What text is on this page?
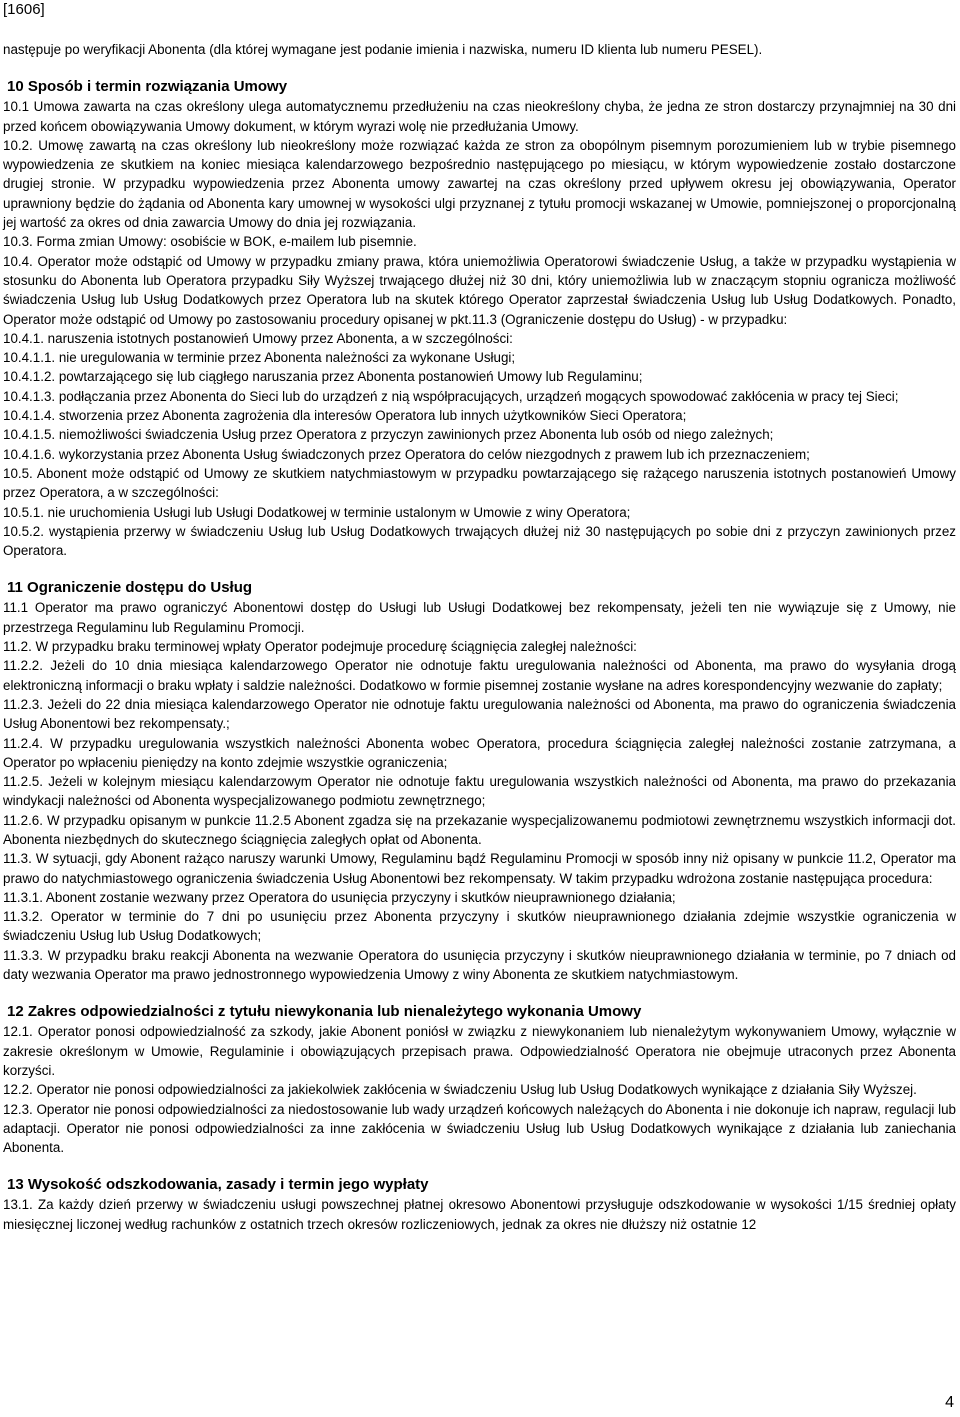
[1606]

następuje po weryfikacji Abonenta (dla której wymagane jest podanie imienia i nazwiska, numeru ID klienta lub numeru PESEL).

10 Sposób i termin rozwiązania Umowy

10.1 Umowa zawarta na czas określony ulega automatycznemu przedłużeniu na czas nieokreślony chyba, że jedna ze stron dostarczy przynajmniej na 30 dni przed końcem obowiązywania Umowy dokument, w którym wyrazi wolę nie przedłużania Umowy.

10.2. Umowę zawartą na czas określony lub nieokreślony może rozwiązać każda ze stron za obopólnym pisemnym porozumieniem lub w trybie pisemnego wypowiedzenia ze skutkiem na koniec miesiąca kalendarzowego bezpośrednio następującego po miesiącu, w którym wypowiedzenie zostało dostarczone drugiej stronie. W przypadku wypowiedzenia przez Abonenta umowy zawartej na czas określony przed upływem okresu jej obowiązywania, Operator uprawniony będzie do żądania od Abonenta kary umownej w wysokości ulgi przyznanej z tytułu promocji wskazanej w Umowie, pomniejszonej o proporcjonalną jej wartość za okres od dnia zawarcia Umowy do dnia jej rozwiązania.

10.3. Forma zmian Umowy: osobiście w BOK, e-mailem lub pisemnie.

10.4. Operator może odstąpić od Umowy w przypadku zmiany prawa, która uniemożliwia Operatorowi świadczenie Usług, a także w przypadku wystąpienia w stosunku do Abonenta lub Operatora przypadku Siły Wyższej trwającego dłużej niż 30 dni, który uniemożliwia lub w znaczącym stopniu ogranicza możliwość świadczenia Usług lub Usług Dodatkowych przez Operatora lub na skutek którego Operator zaprzestał świadczenia Usług lub Usług Dodatkowych. Ponadto, Operator może odstąpić od Umowy po zastosowaniu procedury opisanej w pkt.11.3 (Ograniczenie dostępu do Usług) - w przypadku:

10.4.1. naruszenia istotnych postanowień Umowy przez Abonenta, a w szczególności:

10.4.1.1. nie uregulowania w terminie przez Abonenta należności za wykonane Usługi;

10.4.1.2. powtarzającego się lub ciągłego naruszania przez Abonenta postanowień Umowy lub Regulaminu;

10.4.1.3. podłączania przez Abonenta do Sieci lub do urządzeń z nią współpracujących, urządzeń mogących spowodować zakłócenia w pracy tej Sieci;

10.4.1.4. stworzenia przez Abonenta zagrożenia dla interesów Operatora lub innych użytkowników Sieci Operatora;

10.4.1.5. niemożliwości świadczenia Usług przez Operatora z przyczyn zawinionych przez Abonenta lub osób od niego zależnych;

10.4.1.6. wykorzystania przez Abonenta Usług świadczonych przez Operatora do celów niezgodnych z prawem lub ich przeznaczeniem;

10.5. Abonent może odstąpić od Umowy ze skutkiem natychmiastowym w przypadku powtarzającego się rażącego naruszenia istotnych postanowień Umowy przez Operatora, a w szczególności:

10.5.1. nie uruchomienia Usługi lub Usługi Dodatkowej w terminie ustalonym w Umowie z winy Operatora;

10.5.2. wystąpienia przerwy w świadczeniu Usług lub Usług Dodatkowych trwających dłużej niż 30 następujących po sobie dni z przyczyn zawinionych przez Operatora.

11 Ograniczenie dostępu do Usług

11.1 Operator ma prawo ograniczyć Abonentowi dostęp do Usługi lub Usługi Dodatkowej bez rekompensaty, jeżeli ten nie wywiązuje się z Umowy, nie przestrzega Regulaminu lub Regulaminu Promocji.

11.2. W przypadku braku terminowej wpłaty Operator podejmuje procedurę ściągnięcia zaległej należności:

11.2.2. Jeżeli do 10 dnia miesiąca kalendarzowego Operator nie odnotuje faktu uregulowania należności od Abonenta, ma prawo do wysyłania drogą elektroniczną informacji o braku wpłaty i saldzie należności. Dodatkowo w formie pisemnej zostanie wysłane na adres korespondencyjny wezwanie do zapłaty;

11.2.3. Jeżeli do 22 dnia miesiąca kalendarzowego Operator nie odnotuje faktu uregulowania należności od Abonenta, ma prawo do ograniczenia świadczenia Usług Abonentowi bez rekompensaty.;

11.2.4. W przypadku uregulowania wszystkich należności Abonenta wobec Operatora, procedura ściągnięcia zaległej należności zostanie zatrzymana, a Operator po wpłaceniu pieniędzy na konto zdejmie wszystkie ograniczenia;

11.2.5. Jeżeli w kolejnym miesiącu kalendarzowym Operator nie odnotuje faktu uregulowania wszystkich należności od Abonenta, ma prawo do przekazania windykacji należności od Abonenta wyspecjalizowanego podmiotu zewnętrznego;

11.2.6. W przypadku opisanym w punkcie 11.2.5 Abonent zgadza się na przekazanie wyspecjalizowanemu podmiotowi zewnętrznemu wszystkich informacji dot. Abonenta niezbędnych do skutecznego ściągnięcia zaległych opłat od Abonenta.

11.3. W sytuacji, gdy Abonent rażąco naruszy warunki Umowy, Regulaminu bądź Regulaminu Promocji w sposób inny niż opisany w punkcie 11.2, Operator ma prawo do natychmiastowego ograniczenia świadczenia Usług Abonentowi bez rekompensaty. W takim przypadku wdrożona zostanie następująca procedura:

11.3.1. Abonent zostanie wezwany przez Operatora do usunięcia przyczyny i skutków nieuprawnionego działania;

11.3.2. Operator w terminie do 7 dni po usunięciu przez Abonenta przyczyny i skutków nieuprawnionego działania zdejmie wszystkie ograniczenia w świadczeniu Usług lub Usług Dodatkowych;

11.3.3. W przypadku braku reakcji Abonenta na wezwanie Operatora do usunięcia przyczyny i skutków nieuprawnionego działania w terminie, po 7 dniach od daty wezwania Operator ma prawo jednostronnego wypowiedzenia Umowy z winy Abonenta ze skutkiem natychmiastowym.

12 Zakres odpowiedzialności z tytułu niewykonania lub nienależytego wykonania Umowy

12.1. Operator ponosi odpowiedzialność za szkody, jakie Abonent poniósł w związku z niewykonaniem lub nienależytym wykonywaniem Umowy, wyłącznie w zakresie określonym w Umowie, Regulaminie i obowiązujących przepisach prawa. Odpowiedzialność Operatora nie obejmuje utraconych przez Abonenta korzyści.

12.2. Operator nie ponosi odpowiedzialności za jakiekolwiek zakłócenia w świadczeniu Usług lub Usług Dodatkowych wynikające z działania Siły Wyższej.

12.3. Operator nie ponosi odpowiedzialności za niedostosowanie lub wady urządzeń końcowych należących do Abonenta i nie dokonuje ich napraw, regulacji lub adaptacji. Operator nie ponosi odpowiedzialności za inne zakłócenia w świadczeniu Usług lub Usług Dodatkowych wynikające z działania lub zaniechania Abonenta.

13 Wysokość odszkodowania, zasady i termin jego wypłaty

13.1. Za każdy dzień przerwy w świadczeniu usługi powszechnej płatnej okresowo Abonentowi przysługuje odszkodowanie w wysokości 1/15 średniej opłaty miesięcznej liczonej według rachunków z ostatnich trzech okresów rozliczeniowych, jednak za okres nie dłuższy niż ostatnie 12

4
